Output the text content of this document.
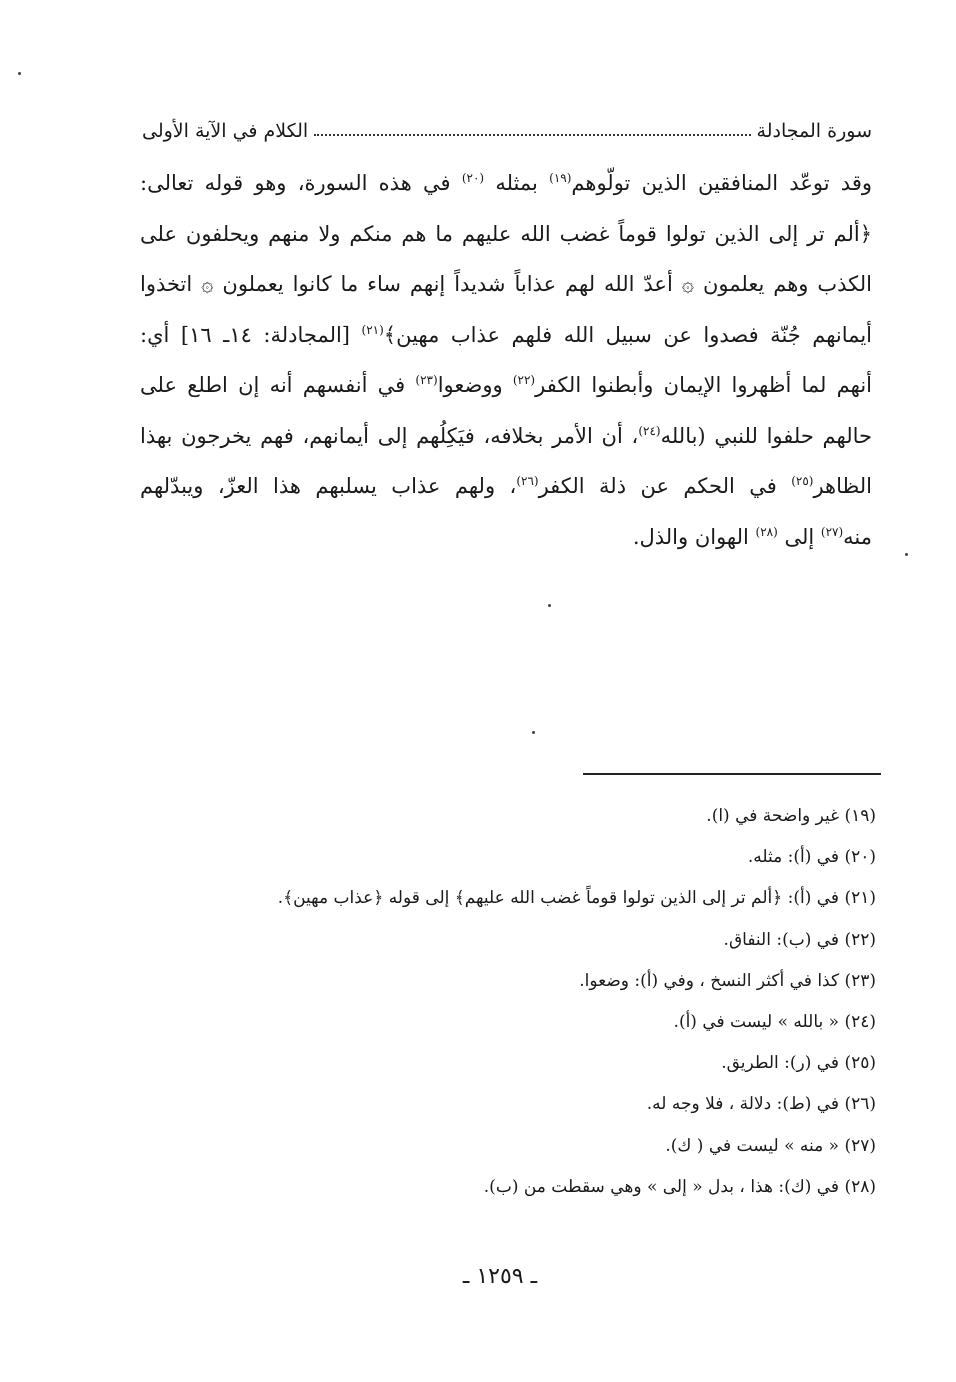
سورة المجادلة
الكلام في الآية الأولى
وقد توعّد المنافقين الذين تولّوهم$^{(١٩)}$ بمثله $^{(٢٠)}$ في هذه السورة، وهو قوله تعالى:
﴿ألم تر إلى الذين تولوا قوماً غضب الله عليهم ما هم منكم ولا منهم ويحلفون على
الكذب وهم يعلمون ۞ أعدّ الله لهم عذاباً شديداً إنهم ساء ما كانوا يعملون ۞ اتخذوا
أيمانهم جُنّة فصدوا عن سبيل الله فلهم عذاب مهين﴾$^{(٢١)}$ [المجادلة: ١٤ـ ١٦] أي:
أنهم لما أظهروا الإيمان وأبطنوا الكفر$^{(٢٢)}$ ووضعوا$^{(٢٣)}$ في أنفسهم أنه إن اطلع على
حالهم حلفوا للنبي (بالله$^{(٢٤)}$، أن الأمر بخلافه، فيَكِلُهم إلى أيمانهم، فهم يخرجون بهذا
الظاهر$^{(٢٥)}$ في الحكم عن ذلة الكفر$^{(٢٦)}$، ولهم عذاب يسلبهم هذا العزّ، ويبدّلهم
منه$^{(٢٧)}$ إلى $^{(٢٨)}$ الهوان والذل.
(١٩) غير واضحة في (ا).
(٢٠) في (أ): مثله.
(٢١) في (أ): ﴿ألم تر إلى الذين تولوا قوماً غضب الله عليهم﴾ إلى قوله ﴿عذاب مهين﴾.
(٢٢) في (ب): النفاق.
(٢٣) كذا في أكثر النسخ ، وفي (أ): وضعوا.
(٢٤) « بالله » ليست في (أ).
(٢٥) في (ر): الطريق.
(٢٦) في (ط): دلالة ، فلا وجه له.
(٢٧) « منه » ليست في ( ك).
(٢٨) في (ك): هذا ، بدل « إلى » وهي سقطت من (ب).
ـ ١٢٥٩ ـ
